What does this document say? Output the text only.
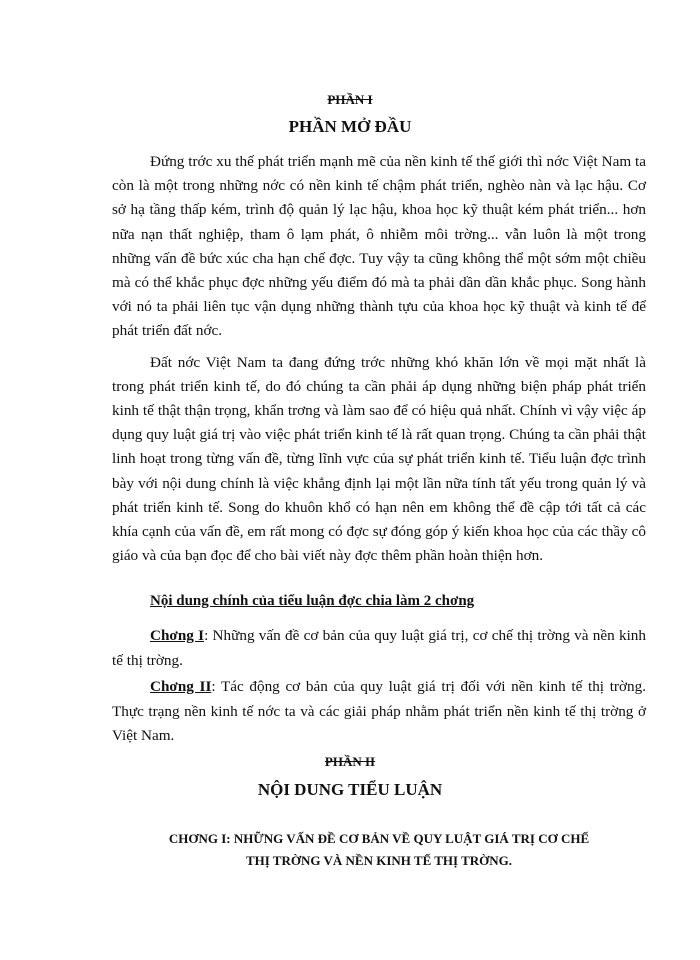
PHẦN I
PHẦN MỞ ĐẦU

Đứng trớc xu thế phát triển mạnh mẽ của nền kinh tế thế giới thì nớc Việt Nam ta còn là một trong những nớc có nền kinh tế chậm phát triển, nghèo nàn và lạc hậu. Cơ sở hạ tầng thấp kém, trình độ quản lý lạc hậu, khoa học kỹ thuật kém phát triển... hơn nữa nạn thất nghiệp, tham ô lạm phát, ô nhiễm môi trờng... vẫn luôn là một trong những vấn đề bức xúc cha hạn chế đợc. Tuy vậy ta cũng không thể một sớm một chiều mà có thể khắc phục đợc những yếu điểm đó mà ta phải dần dần khắc phục. Song hành với nó ta phải liên tục vận dụng những thành tựu của khoa học kỹ thuật và kinh tế để phát triển đất nớc.

Đất nớc Việt Nam ta đang đứng trớc những khó khăn lớn về mọi mặt nhất là trong phát triển kinh tế, do đó chúng ta cần phải áp dụng những biện pháp phát triển kinh tế thật thận trọng, khẩn trơng và làm sao để có hiệu quả nhất. Chính vì vậy việc áp dụng quy luật giá trị vào việc phát triển kinh tế là rất quan trọng. Chúng ta cần phải thật linh hoạt trong từng vấn đề, từng lĩnh vực của sự phát triển kinh tế. Tiểu luận đợc trình bày với nội dung chính là việc khẳng định lại một lần nữa tính tất yếu trong quản lý và phát triển kinh tế. Song do khuôn khổ có hạn nên em không thể đề cập tới tất cả các khía cạnh của vấn đề, em rất mong có đợc sự đóng góp ý kiến khoa học của các thầy cô giáo và của bạn đọc để cho bài viết này đợc thêm phần hoàn thiện hơn.

Nội dung chính của tiểu luận đợc chia làm 2 chơng

Chơng I: Những vấn đề cơ bản của quy luật giá trị, cơ chế thị trờng và nền kinh tế thị trờng.

Chơng II: Tác động cơ bản của quy luật giá trị đối với nền kinh tế thị trờng. Thực trạng nền kinh tế nớc ta và các giải pháp nhằm phát triển nền kinh tế thị trờng ở Việt Nam.

PHẦN II
NỘI DUNG TIỂU LUẬN
CHƠNG I: NHỮNG VẤN ĐỀ CƠ BẢN VỀ QUY LUẬT GIÁ TRỊ CƠ CHẾ
THỊ TRỜNG VÀ NỀN KINH TẾ THỊ TRỜNG.
